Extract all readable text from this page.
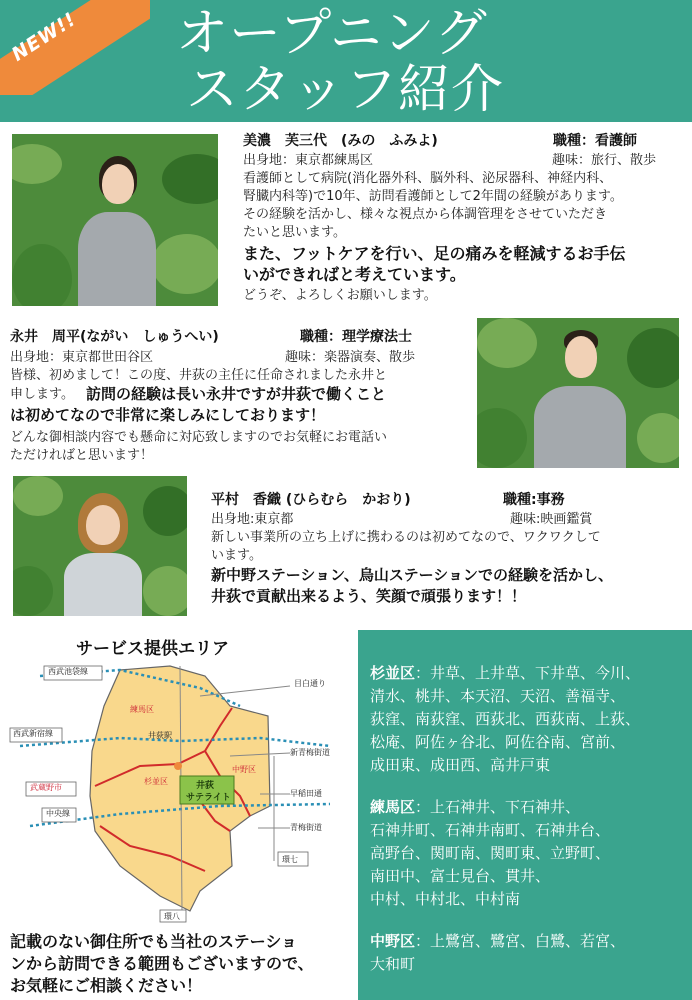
NEW!! オープニング
スタッフ紹介
美濃　芙三代　(みの　ふみよ)	職種：看護師
出身地：東京都練馬区	趣味：旅行、散歩
看護師として病院(消化器外科、脳外科、泌尿器科、神経内科、
腎臓内科等)で10年、訪問看護師として2年間の経験があります。
その経験を活かし、様々な視点から体調管理をさせていただき
たいと思います。
また、フットケアを行い、足の痛みを軽減するお手伝
いができればと考えています。
どうぞ、よろしくお願いします。
永井　周平(ながい　しゅうへい)	職種：理学療法士
出身地：東京都世田谷区	趣味：楽器演奏、散歩
皆様、初めまして！この度、井荻の主任に任命されました永井と
申します。 訪問の経験は長い永井ですが井荻で働くこと
は初めてなので非常に楽しみにしております！
どんな御相談内容でも懸命に対応致しますのでお気軽にお電話い
ただければと思います！
平村　香織 (ひらむら　かおり)	職種:事務
出身地:東京都	趣味:映画鑑賞
新しい事業所の立ち上げに携わるのは初めてなので、ワクワクして
います。
新中野ステーション、烏山ステーションでの経験を活かし、
井荻で貢献出来るよう、笑顔で頑張ります！！
サービス提供エリア
西武池袋線
西武新宿線
武蔵野市
中央線
目白通り
練馬区
井荻駅
新青梅街道
中野区
杉並区
早稲田通
青梅街道
環七
環八
井荻
サテライト
記載のない御住所でも当社のステーショ
ンから訪問できる範囲もございますので、
お気軽にご相談ください！
杉並区：井草、上井草、下井草、今川、
清水、桃井、本天沼、天沼、善福寺、
荻窪、南荻窪、西荻北、西荻南、上荻、
松庵、阿佐ヶ谷北、阿佐谷南、宮前、
成田東、成田西、高井戸東
練馬区：上石神井、下石神井、
石神井町、石神井南町、石神井台、
高野台、関町南、関町東、立野町、
南田中、富士見台、貫井、
中村、中村北、中村南
中野区：上鷺宮、鷺宮、白鷺、若宮、
大和町
